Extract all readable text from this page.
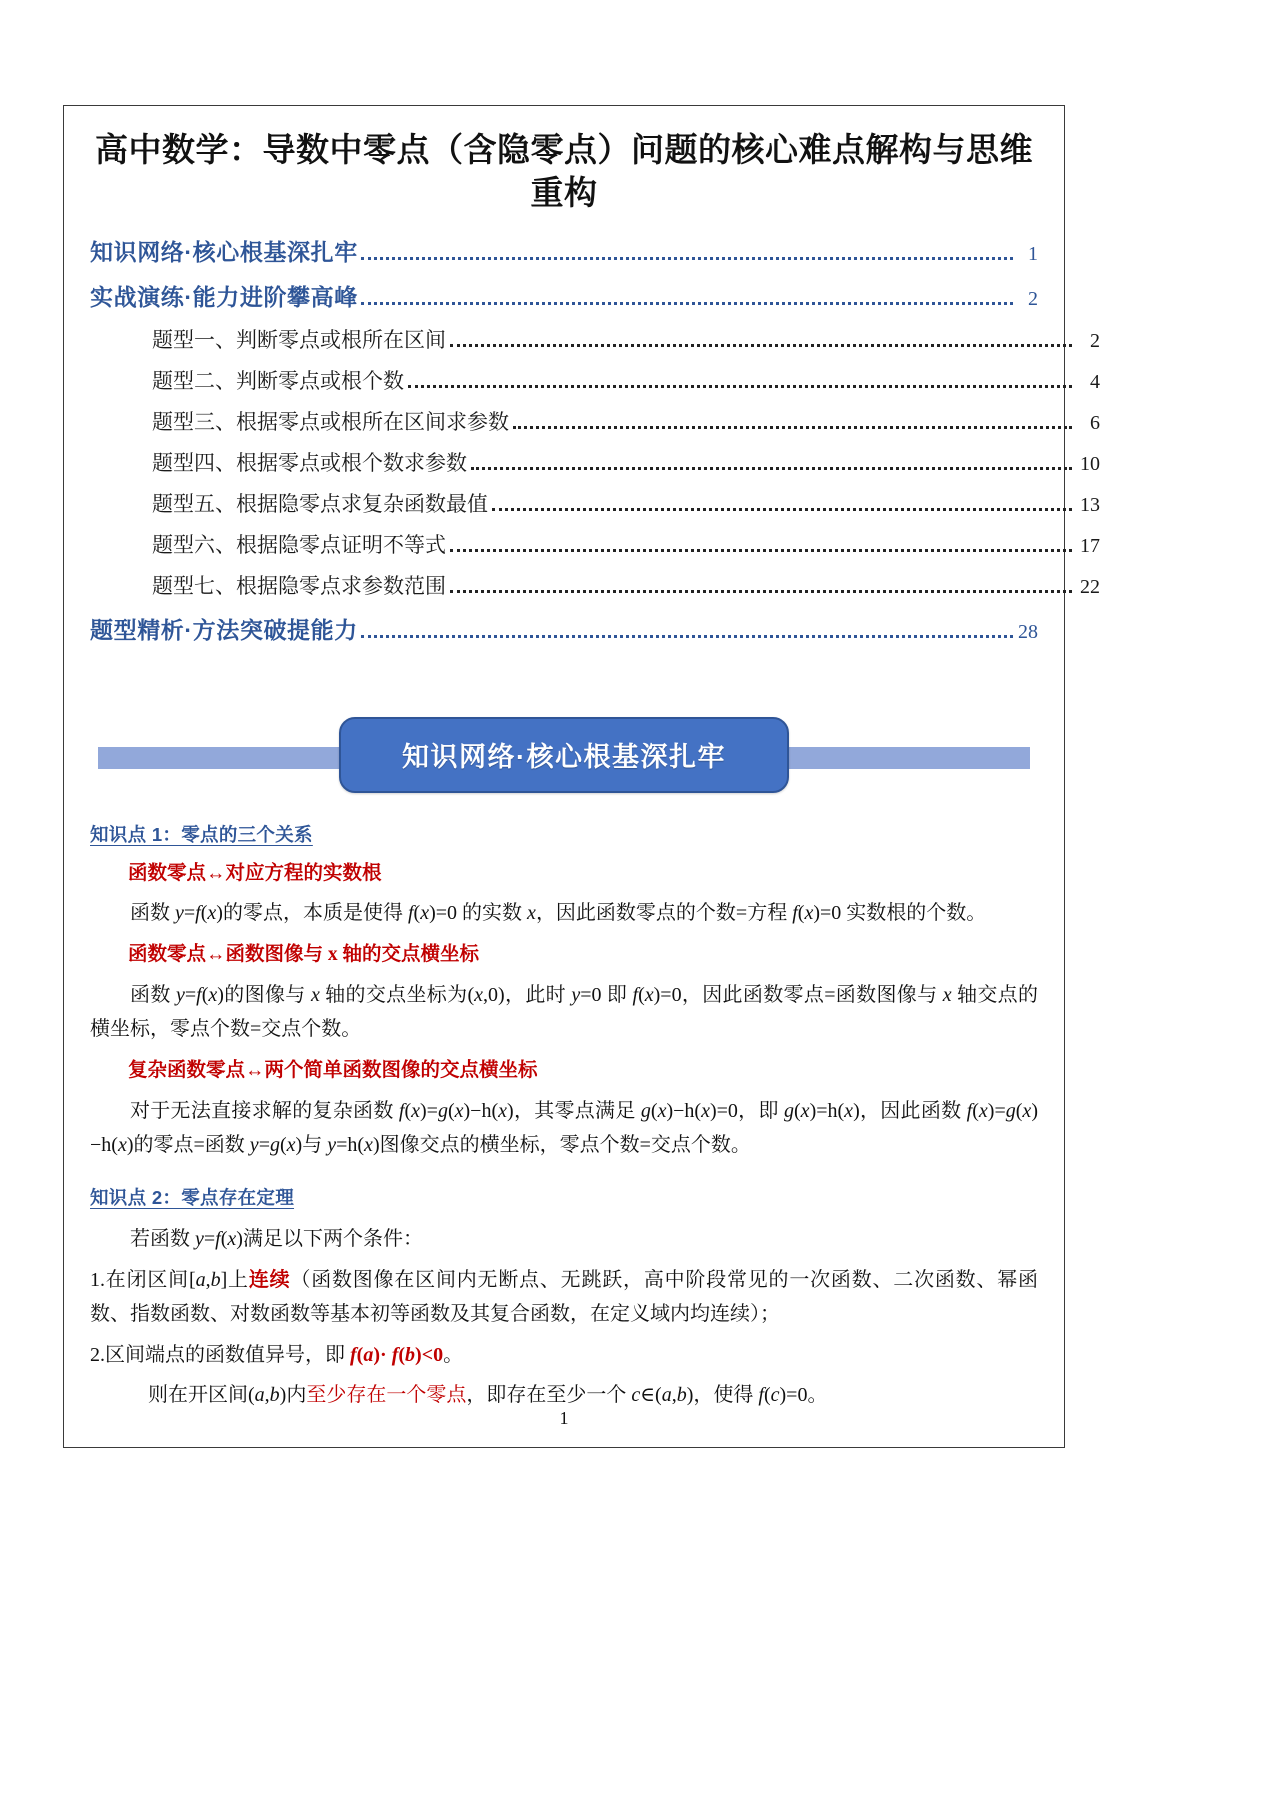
高中数学：导数中零点（含隐零点）问题的核心难点解构与思维重构
知识网络·核心根基深扎牢	1
实战演练·能力进阶攀高峰	2
题型一、判断零点或根所在区间	2
题型二、判断零点或根个数	4
题型三、根据零点或根所在区间求参数	6
题型四、根据零点或根个数求参数	10
题型五、根据隐零点求复杂函数最值	13
题型六、根据隐零点证明不等式	17
题型七、根据隐零点求参数范围	22
题型精析·方法突破提能力	28
知识网络·核心根基深扎牢
知识点 1：零点的三个关系
函数零点↔对应方程的实数根
函数 y=f(x)的零点，本质是使得 f(x)=0 的实数 x，因此函数零点的个数=方程 f(x)=0 实数根的个数。
函数零点↔函数图像与 x 轴的交点横坐标
函数 y=f(x)的图像与 x 轴的交点坐标为(x,0)，此时 y=0 即 f(x)=0，因此函数零点=函数图像与 x 轴交点的横坐标，零点个数=交点个数。
复杂函数零点↔两个简单函数图像的交点横坐标
对于无法直接求解的复杂函数 f(x)=g(x)−h(x)，其零点满足 g(x)−h(x)=0，即 g(x)=h(x)，因此函数 f(x)=g(x)−h(x)的零点=函数 y=g(x)与 y=h(x)图像交点的横坐标，零点个数=交点个数。
知识点 2：零点存在定理
若函数 y=f(x)满足以下两个条件：
1.在闭区间[a,b]上连续（函数图像在区间内无断点、无跳跃，高中阶段常见的一次函数、二次函数、幂函数、指数函数、对数函数等基本初等函数及其复合函数，在定义域内均连续）；
2.区间端点的函数值异号，即 f(a)· f(b)<0。
则在开区间(a,b)内至少存在一个零点，即存在至少一个 c∈(a,b)，使得 f(c)=0。
1
